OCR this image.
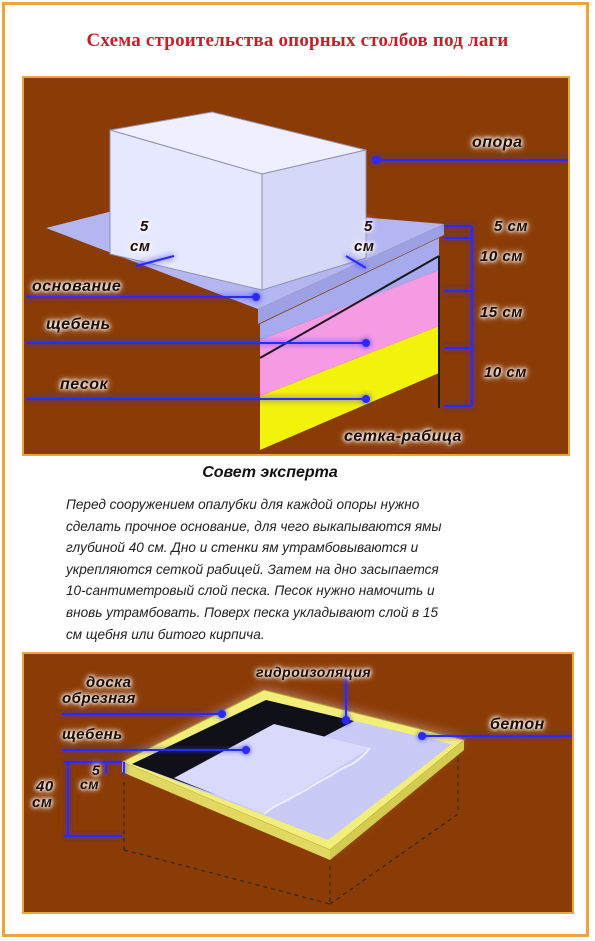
Схема строительства опорных столбов под лаги
опора
основание
щебень
песок
сетка-рабица
5
см
5
см
5 см
10 см
15 см
10 см
Совет эксперта
Перед сооружением опалубки для каждой опоры нужно
сделать прочное основание, для чего выкапываются ямы
глубиной 40 см. Дно и стенки ям утрамбовываются и
укрепляются сеткой рабицей. Затем на дно засыпается
10-сантиметровый слой песка. Песок нужно намочить и
вновь утрамбовать. Поверх песка укладывают слой в 15
см щебня или битого кирпича.
доска
обрезная
гидроизоляция
бетон
щебень
40
см
5
см
